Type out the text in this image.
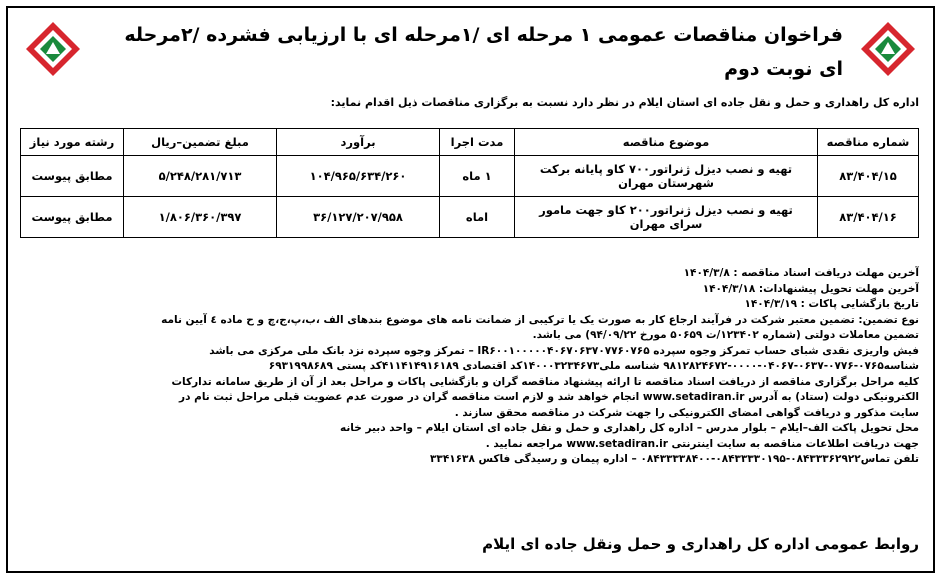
فراخوان مناقصات عمومی ۱ مرحله ای /۱مرحله ای با ارزیابی فشرده /۲مرحله ای نوبت دوم
اداره کل راهداری و حمل و نقل جاده ای استان ایلام در نظر دارد نسبت به برگزاری مناقصات ذیل اقدام نماید:
شماره مناقصه	موضوع مناقصه	مدت اجرا	برآورد	مبلغ تضمین–ریال	رشته مورد نیاز
۸۳/۴۰۴/۱۵	تهیه و نصب دیزل ژنراتور۷۰۰ کاو پایانه برکت شهرستان مهران	۱ ماه	۱۰۴/۹۶۵/۶۳۴/۲۶۰	۵/۲۴۸/۲۸۱/۷۱۳	مطابق پیوست
۸۳/۴۰۴/۱۶	تهیه و نصب دیزل ژنراتور۲۰۰ کاو جهت مامور سرای مهران	اماه	۳۶/۱۲۷/۲۰۷/۹۵۸	۱/۸۰۶/۳۶۰/۳۹۷	مطابق پیوست
آخرین مهلت دریافت اسناد مناقصه : ۱۴۰۴/۳/۸
آخرین مهلت تحویل پیشنهادات: ۱۴۰۴/۳/۱۸
تاریخ بازگشایی پاکات : ۱۴۰۴/۳/۱۹
نوع تضمین: تضمین معتبر شرکت در فرآیند ارجاع کار به صورت یک یا ترکیبی از ضمانت نامه های موضوع بندهای الف ،ب،پ،ج،چ و ح ماده ٤ آیین نامه
تضمین معاملات دولتی (شماره ۱۲۳۴۰۲/ت ۵۰۶۵۹ مورخ ۹۴/۰۹/۲۲) می باشد.
فیش واریزی نقدی شبای حساب تمرکز وجوه سپرده IR۶۰۰۱۰۰۰۰۰۴۰۶۷۰۶۳۷۰۷۷۶۰۷۶۵ – تمرکز وجوه سپرده نزد بانک ملی مرکزی می باشد
شناسه۰۷۶۵-۰۷۷۶-۰۶۳۷-۰۴۰۶۷-۰۰۰۰-۹۸۱۲۸۲۴۶۷۲ شناسه ملی۱۴۰۰۰۳۲۳۴۶۷۳کد اقتصادی ۴۱۱۴۱۴۹۱۶۱۸۹کد پستی ۶۹۳۱۹۹۸۶۸۹
کلیه مراحل برگزاری مناقصه از دریافت اسناد مناقصه تا ارائه پیشنهاد مناقصه گران و بازگشایی پاکات و مراحل بعد از آن از طریق سامانه تدارکات
الکترونیکی دولت (ستاد) به آدرس www.setadiran.ir انجام خواهد شد و لازم است مناقصه گران در صورت عدم عضویت قبلی مراحل ثبت نام در
سایت مذکور و دریافت گواهی امضای الکترونیکی را جهت شرکت در مناقصه محقق سازند .
محل تحویل پاکت الف–ایلام – بلوار مدرس – اداره کل راهداری و حمل و نقل جاده ای استان ایلام – واحد دبیر خانه
جهت دریافت اطلاعات مناقصه به سایت اینترنتی www.setadiran.ir مراجعه نمایید .
تلفن تماس۰۸۴۳۳۳۶۲۹۲۲-۰۸۴۳۳۳۳۰۱۹۵-۰۸۴۳۳۳۳۸۴۰۰ – اداره پیمان و رسیدگی فاکس ۳۳۴۱۶۳۸
روابط عمومی اداره کل راهداری و حمل ونقل جاده ای ایلام
